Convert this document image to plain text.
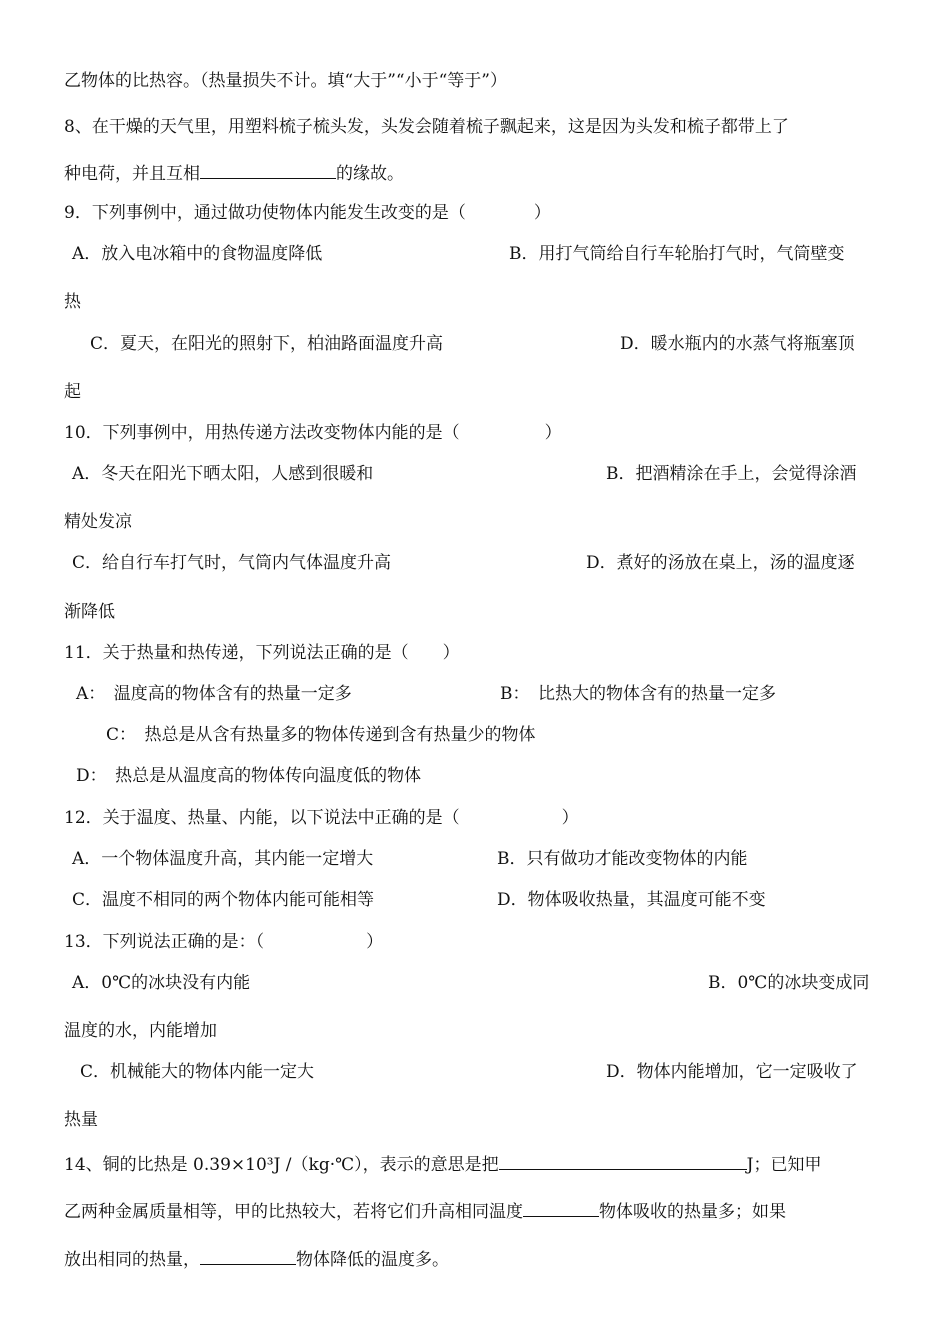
乙物体的比热容。（热量损失不计。填“大于”“小于“等于”）
8、在干燥的天气里，用塑料梳子梳头发，头发会随着梳子飘起来，这是因为头发和梳子都带上了
种电荷，并且互相	的缘故。
9．下列事例中，通过做功使物体内能发生改变的是（　　　　）
A．放入电冰箱中的食物温度降低	B．用打气筒给自行车轮胎打气时，气筒壁变
热
C．夏天，在阳光的照射下，柏油路面温度升高	D．暖水瓶内的水蒸气将瓶塞顶
起
10．下列事例中，用热传递方法改变物体内能的是（　　　　　）
A．冬天在阳光下晒太阳，人感到很暖和	B．把酒精涂在手上，会觉得涂酒
精处发凉
C．给自行车打气时，气筒内气体温度升高	D．煮好的汤放在桌上，汤的温度逐
渐降低
11．关于热量和热传递，下列说法正确的是（　　）
A：　温度高的物体含有的热量一定多	B：　比热大的物体含有的热量一定多
C：　热总是从含有热量多的物体传递到含有热量少的物体
D：　热总是从温度高的物体传向温度低的物体
12．关于温度、热量、内能，以下说法中正确的是（　　　　　　）
A．一个物体温度升高，其内能一定增大	B．只有做功才能改变物体的内能
C．温度不相同的两个物体内能可能相等	D．物体吸收热量，其温度可能不变
13．下列说法正确的是：（　　　　　　）
A．0℃的冰块没有内能	B．0℃的冰块变成同
温度的水，内能增加
C．机械能大的物体内能一定大	D．物体内能增加，它一定吸收了
热量
14、铜的比热是 0.39×10³J /（kg·℃），表示的意思是把	J；已知甲
乙两种金属质量相等，甲的比热较大，若将它们升高相同温度	物体吸收的热量多；如果
放出相同的热量，	物体降低的温度多。
